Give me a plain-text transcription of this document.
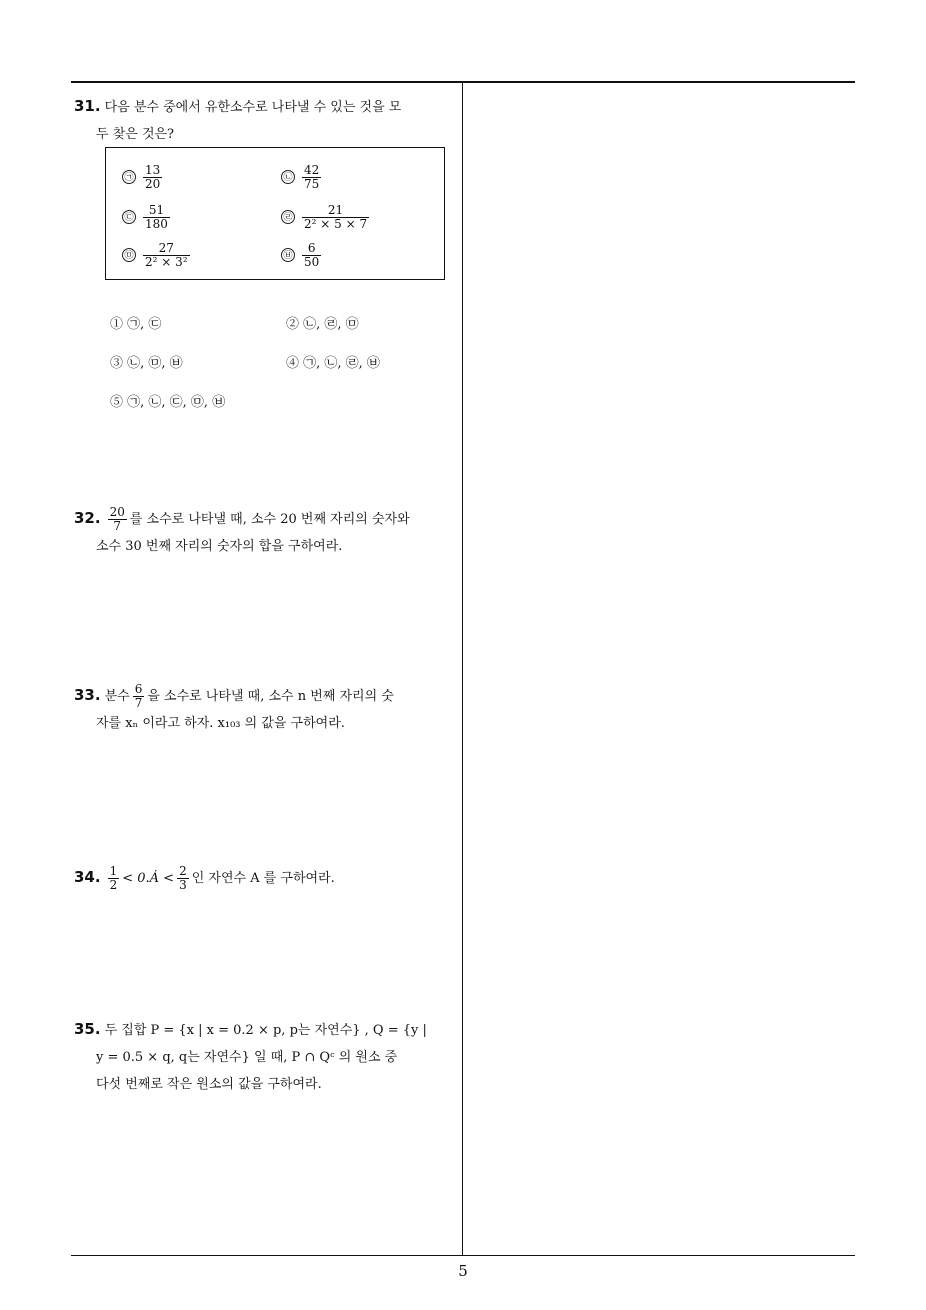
31. 다음 분수 중에서 유한소수로 나타낼 수 있는 것을 모
두 찾은 것은?
㉠ $\frac{13}{20}$	㉡ $\frac{42}{75}$
㉢ $\frac{51}{180}$	㉣ $\frac{21}{\text{2² × 5 × 7}}$
㉤ $\frac{27}{\text{2² × 3²}}$	㉥ $\frac{6}{50}$
① ㉠, ㉢	② ㉡, ㉣, ㉤
③ ㉡, ㉤, ㉥	④ ㉠, ㉡, ㉣, ㉥
⑤ ㉠, ㉡, ㉢, ㉤, ㉥
32. $\frac{20}{7}$ 를 소수로 나타낼 때, 소수 20 번째 자리의 숫자와
소수 30 번째 자리의 숫자의 합을 구하여라.
33. 분수 $\frac{6}{7}$ 을 소수로 나타낼 때, 소수 n 번째 자리의 숫
자를 xₙ 이라고 하자. x₁₀₃ 의 값을 구하여라.
34. $\frac{1}{2}$ < 0.Ȧ < $\frac{2}{3}$ 인 자연수 A 를 구하여라.
35. 두 집합 P = {x | x = 0.2 × p, p는 자연수} , Q = {y |
y = 0.5 × q, q는 자연수} 일 때, P ∩ Qᶜ 의 원소 중
다섯 번째로 작은 원소의 값을 구하여라.
5
